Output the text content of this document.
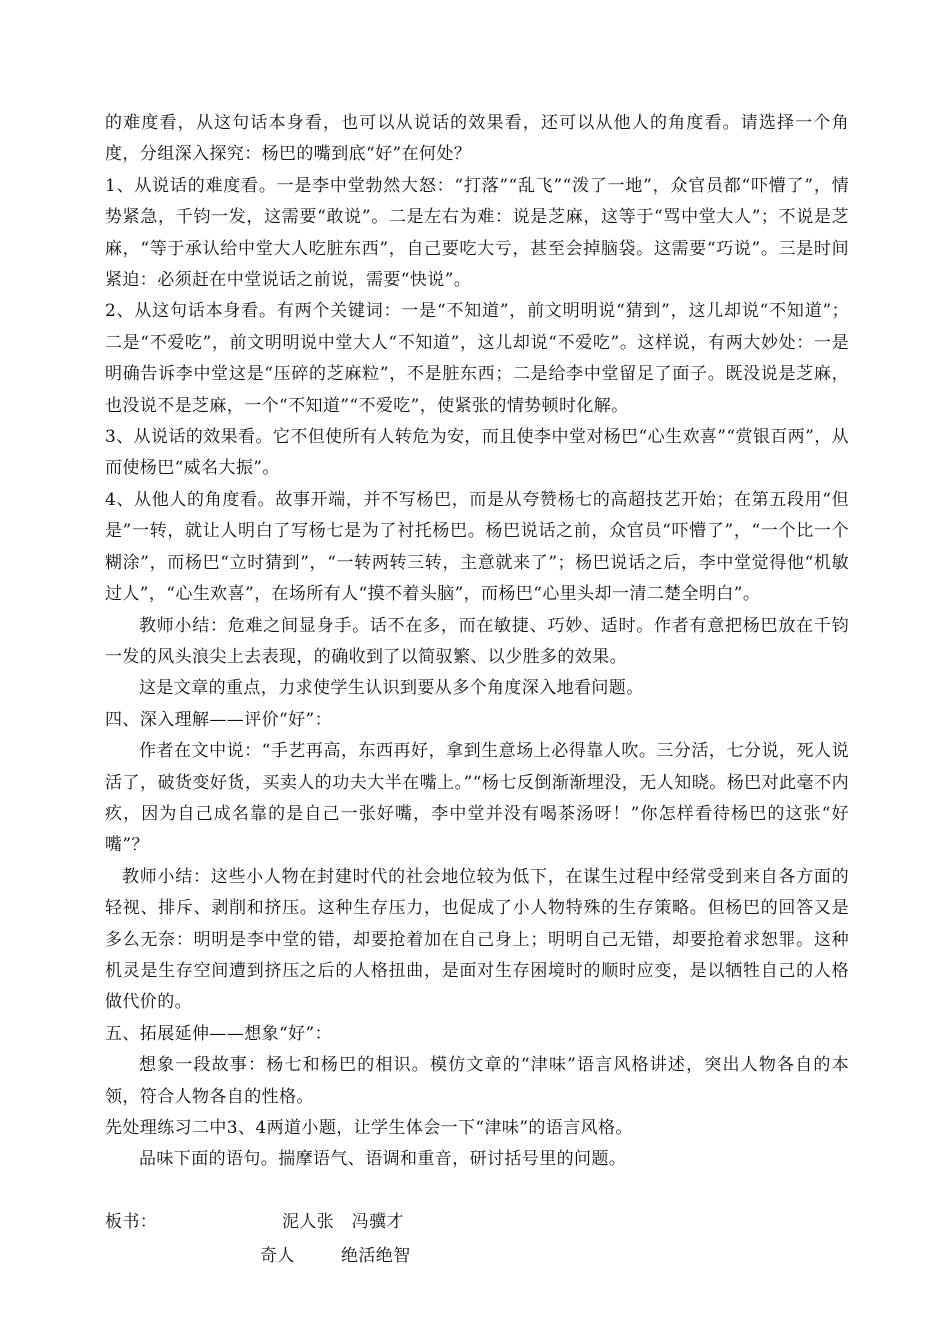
的难度看，从这句话本身看，也可以从说话的效果看，还可以从他人的角度看。请选择一个角度，分组深入探究：杨巴的嘴到底“好”在何处？

1、从说话的难度看。一是李中堂勃然大怒：“打落”“乱飞”“泼了一地”，众官员都“吓懵了”，情势紧急，千钧一发，这需要“敢说”。二是左右为难：说是芝麻，这等于“骂中堂大人”；不说是芝麻，“等于承认给中堂大人吃脏东西”，自己要吃大亏，甚至会掉脑袋。这需要“巧说”。三是时间紧迫：必须赶在中堂说话之前说，需要“快说”。

2、从这句话本身看。有两个关键词：一是“不知道”，前文明明说“猜到”，这儿却说“不知道”；二是“不爱吃”，前文明明说中堂大人“不知道”，这儿却说“不爱吃”。这样说，有两大妙处：一是明确告诉李中堂这是“压碎的芝麻粒”，不是脏东西；二是给李中堂留足了面子。既没说是芝麻，也没说不是芝麻，一个“不知道”“不爱吃”，使紧张的情势顿时化解。

3、从说话的效果看。它不但使所有人转危为安，而且使李中堂对杨巴“心生欢喜”“赏银百两”，从而使杨巴“威名大振”。

4、从他人的角度看。故事开端，并不写杨巴，而是从夸赞杨七的高超技艺开始；在第五段用“但是”一转，就让人明白了写杨七是为了衬托杨巴。杨巴说话之前，众官员“吓懵了”，“一个比一个糊涂”，而杨巴“立时猜到”，“一转两转三转，主意就来了”；杨巴说话之后，李中堂觉得他“机敏过人”，“心生欢喜”，在场所有人“摸不着头脑”，而杨巴“心里头却一清二楚全明白”。

教师小结：危难之间显身手。话不在多，而在敏捷、巧妙、适时。作者有意把杨巴放在千钧一发的风头浪尖上去表现，的确收到了以简驭繁、以少胜多的效果。

这是文章的重点，力求使学生认识到要从多个角度深入地看问题。

四、深入理解——评价“好”：

作者在文中说：“手艺再高，东西再好，拿到生意场上必得靠人吹。三分活，七分说，死人说活了，破货变好货，买卖人的功夫大半在嘴上。”“杨七反倒渐渐埋没，无人知晓。杨巴对此毫不内疚，因为自己成名靠的是自己一张好嘴，李中堂并没有喝茶汤呀！”你怎样看待杨巴的这张“好嘴”？

教师小结：这些小人物在封建时代的社会地位较为低下，在谋生过程中经常受到来自各方面的轻视、排斥、剥削和挤压。这种生存压力，也促成了小人物特殊的生存策略。但杨巴的回答又是多么无奈：明明是李中堂的错，却要抢着加在自己身上；明明自己无错，却要抢着求恕罪。这种机灵是生存空间遭到挤压之后的人格扭曲，是面对生存困境时的顺时应变，是以牺牲自己的人格做代价的。

五、拓展延伸——想象“好”：

想象一段故事：杨七和杨巴的相识。模仿文章的“津味”语言风格讲述，突出人物各自的本领，符合人物各自的性格。

先处理练习二中3、4两道小题，让学生体会一下“津味”的语言风格。

品味下面的语句。揣摩语气、语调和重音，研讨括号里的问题。

板书：	泥人张　冯骥才
奇人	绝活绝智
